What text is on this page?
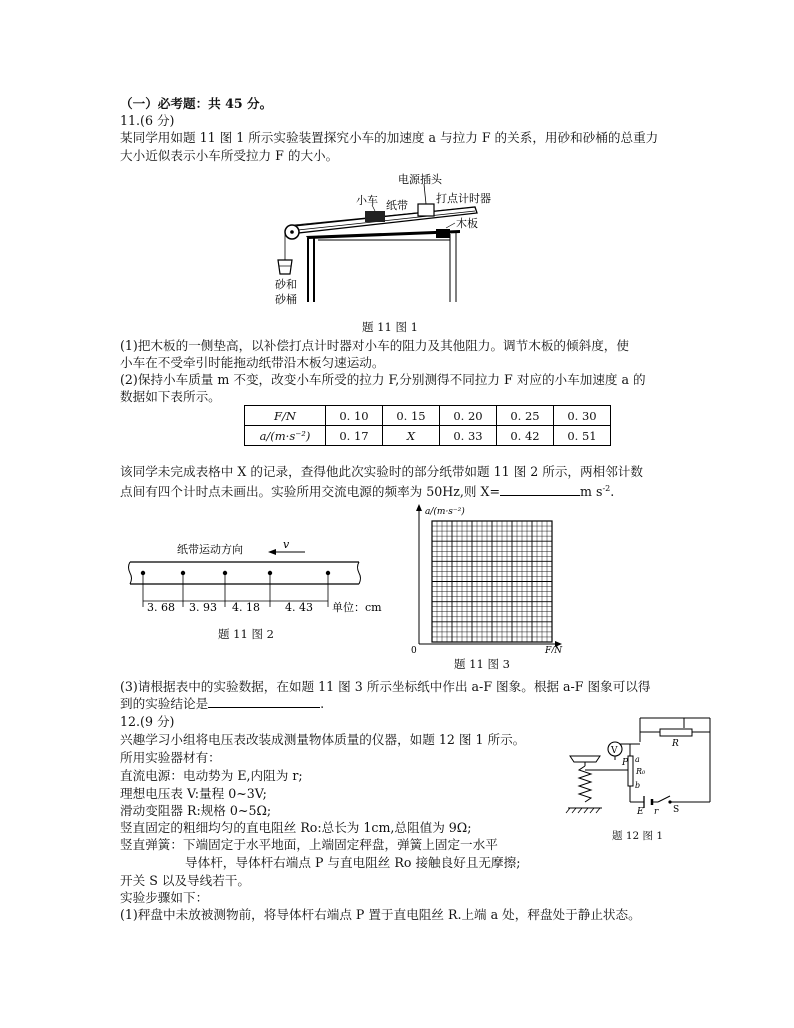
（一）必考题：共 45 分。
11.(6 分)
某同学用如题 11 图 1 所示实验装置探究小车的加速度 a 与拉力 F 的关系，用砂和砂桶的总重力
大小近似表示小车所受拉力 F 的大小。
电源插头
小车 纸带
打点计时器
木板
砂和
砂桶
题 11 图 1
(1)把木板的一侧垫高，以补偿打点计时器对小车的阻力及其他阻力。调节木板的倾斜度，使
小车在不受牵引时能拖动纸带沿木板匀速运动。
(2)保持小车质量 m 不变，改变小车所受的拉力 F,分别测得不同拉力 F 对应的小车加速度 a 的
数据如下表所示。
F/N	0. 10	0. 15	0. 20	0. 25	0. 30
a/(m·s⁻²)	0. 17	X	0. 33	0. 42	0. 51
该同学未完成表格中 X 的记录，查得他此次实验时的部分纸带如题 11 图 2 所示，两相邻计数
点间有四个计时点未画出。实验所用交流电源的频率为 50Hz,则 X=	m $s^{-2}$.
纸带运动方向	v
3. 68 3. 93 4. 18 4. 43 单位：cm
题 11 图 2
a/(m·s⁻²)
F/N
0
题 11 图 3
(3)请根据表中的实验数据，在如题 11 图 3 所示坐标纸中作出 a-F 图象。根据 a-F 图象可以得
到的实验结论是	.
12.(9 分)
兴趣学习小组将电压表改装成测量物体质量的仪器，如题 12 图 1 所示。
所用实验器材有：
直流电源：电动势为 E,内阻为 r;
理想电压表 V:量程 0~3V;
滑动变阻器 R:规格 0~5Ω;
竖直固定的粗细均匀的直电阻丝 Ro:总长为 1cm,总阻值为 9Ω;
竖直弹簧：下端固定于水平地面，上端固定秤盘，弹簧上固定一水平
导体杆，导体杆右端点 P 与直电阻丝 Ro 接触良好且无摩擦;
开关 S 以及导线若干。
实验步骤如下：
(1)秤盘中未放被测物前，将导体杆右端点 P 置于直电阻丝 R.上端 a 处，秤盘处于静止状态。
V
R
P a
R₀
b
E r S
题 12 图 1
